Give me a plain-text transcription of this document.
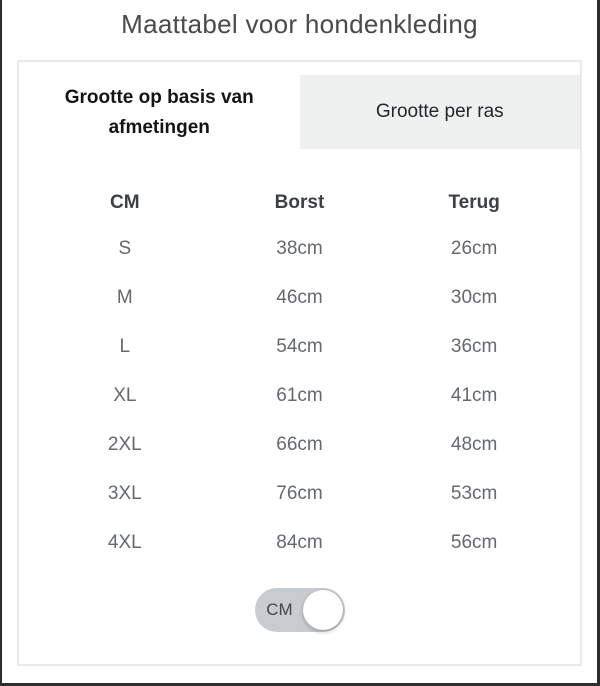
Maattabel voor hondenkleding
Grootte op basis van
afmetingen
Grootte per ras
CM	Borst	Terug
S	38cm	26cm
M	46cm	30cm
L	54cm	36cm
XL	61cm	41cm
2XL	66cm	48cm
3XL	76cm	53cm
4XL	84cm	56cm
CM
